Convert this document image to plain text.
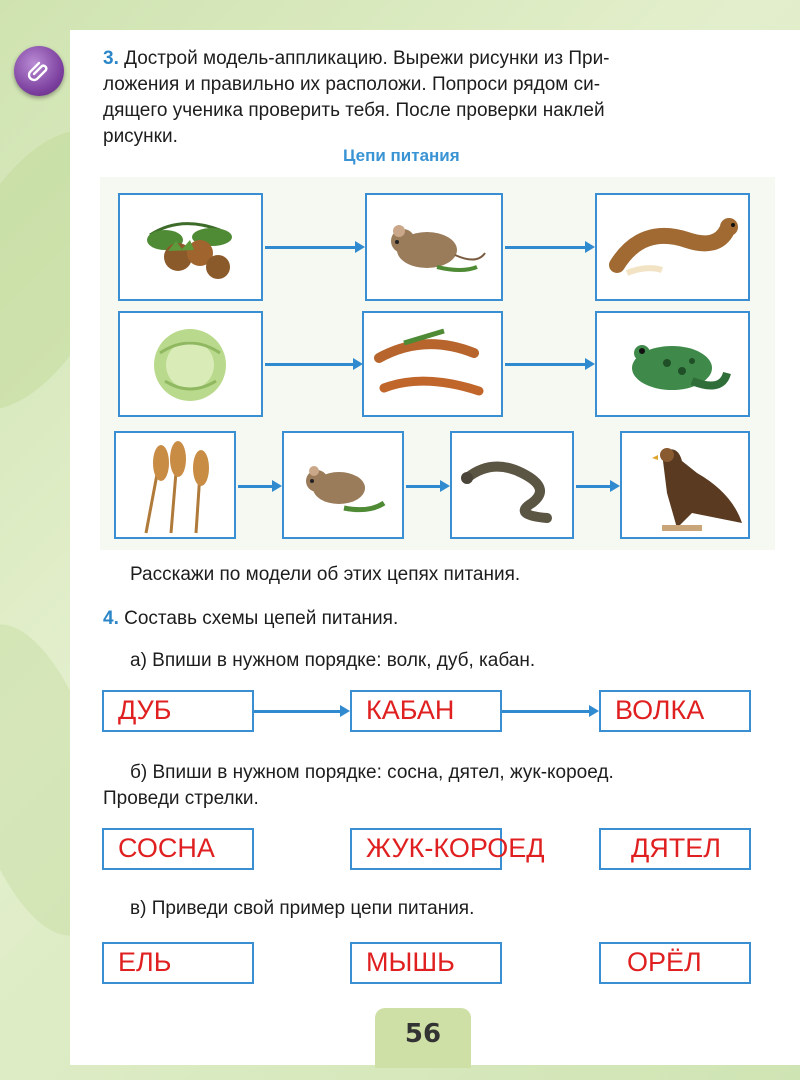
3. Дострой модель-аппликацию. Вырежи рисунки из При-
ложения и правильно их расположи. Попроси рядом си-
дящего ученика проверить тебя. После проверки наклей
рисунки.
Цепи питания
Расскажи по модели об этих цепях питания.
4. Составь схемы цепей питания.
а) Впиши в нужном порядке: волк, дуб, кабан.
ДУБ	КАБАН	ВОЛКА
б) Впиши в нужном порядке: сосна, дятел, жук-короед.
Проведи стрелки.
СОСНА	ЖУК-КОРОЕД	ДЯТЕЛ
в) Приведи свой пример цепи питания.
ЕЛЬ	МЫШЬ	ОРЁЛ
56
